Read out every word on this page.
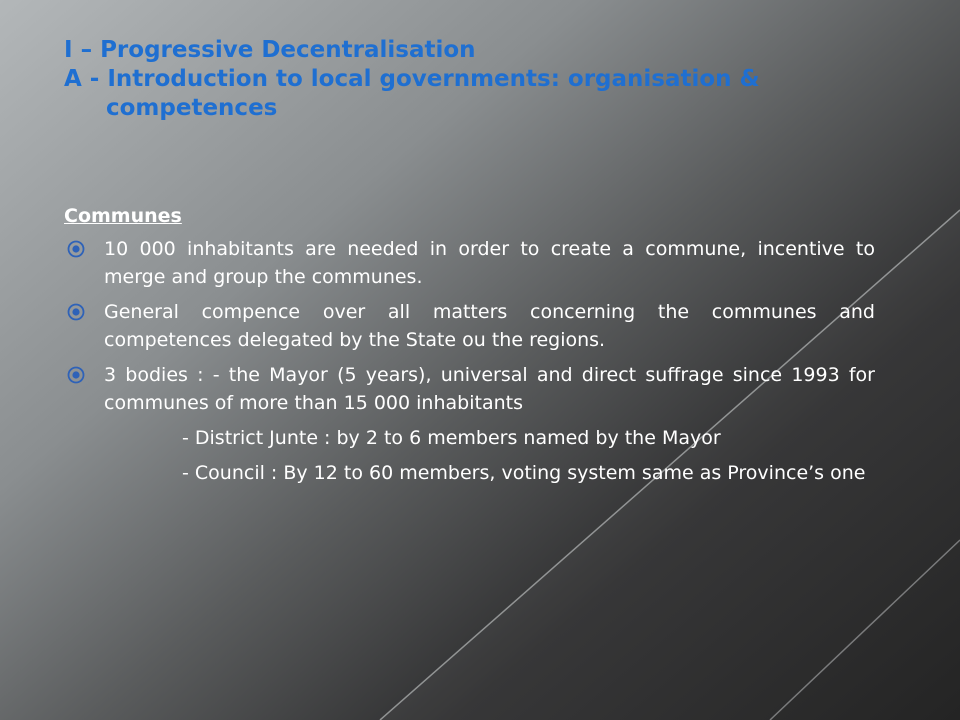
I – Progressive Decentralisation
A - Introduction to local governments: organisation & competences
Communes
10 000 inhabitants are needed in order to create a commune, incentive to merge and group the communes.
General compence over all matters concerning the communes and competences delegated by the State ou the regions.
3 bodies : - the Mayor (5 years), universal and direct suffrage since 1993 for communes of more than 15 000 inhabitants
- District Junte : by 2 to 6 members named by the Mayor
- Council : By 12 to 60 members, voting system same as Province’s one
